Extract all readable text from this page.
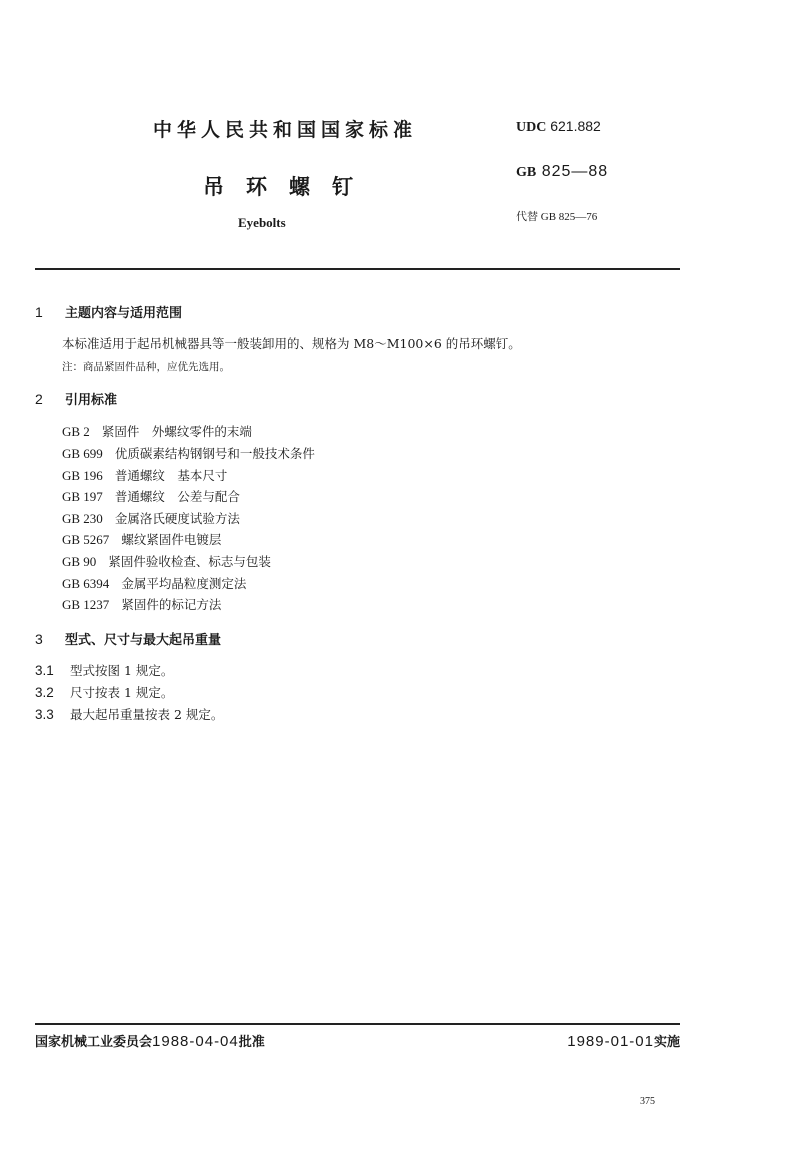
中华人民共和国国家标准
吊环螺钉
Eyebolts
UDC 621.882
GB 825—88
代替 GB 825—76
1 主题内容与适用范围
本标准适用于起吊机械器具等一般装卸用的、规格为 M8～M100×6 的吊环螺钉。
注：商品紧固件品种，应优先选用。
2 引用标准
GB 2 紧固件　外螺纹零件的末端
GB 699 优质碳素结构钢钢号和一般技术条件
GB 196 普通螺纹　基本尺寸
GB 197 普通螺纹　公差与配合
GB 230 金属洛氏硬度试验方法
GB 5267 螺纹紧固件电镀层
GB 90 紧固件验收检查、标志与包装
GB 6394 金属平均晶粒度测定法
GB 1237 紧固件的标记方法
3 型式、尺寸与最大起吊重量
3.1 型式按图 1 规定。
3.2 尺寸按表 1 规定。
3.3 最大起吊重量按表 2 规定。
国家机械工业委员会1988-04-04批准	1989-01-01实施
375
